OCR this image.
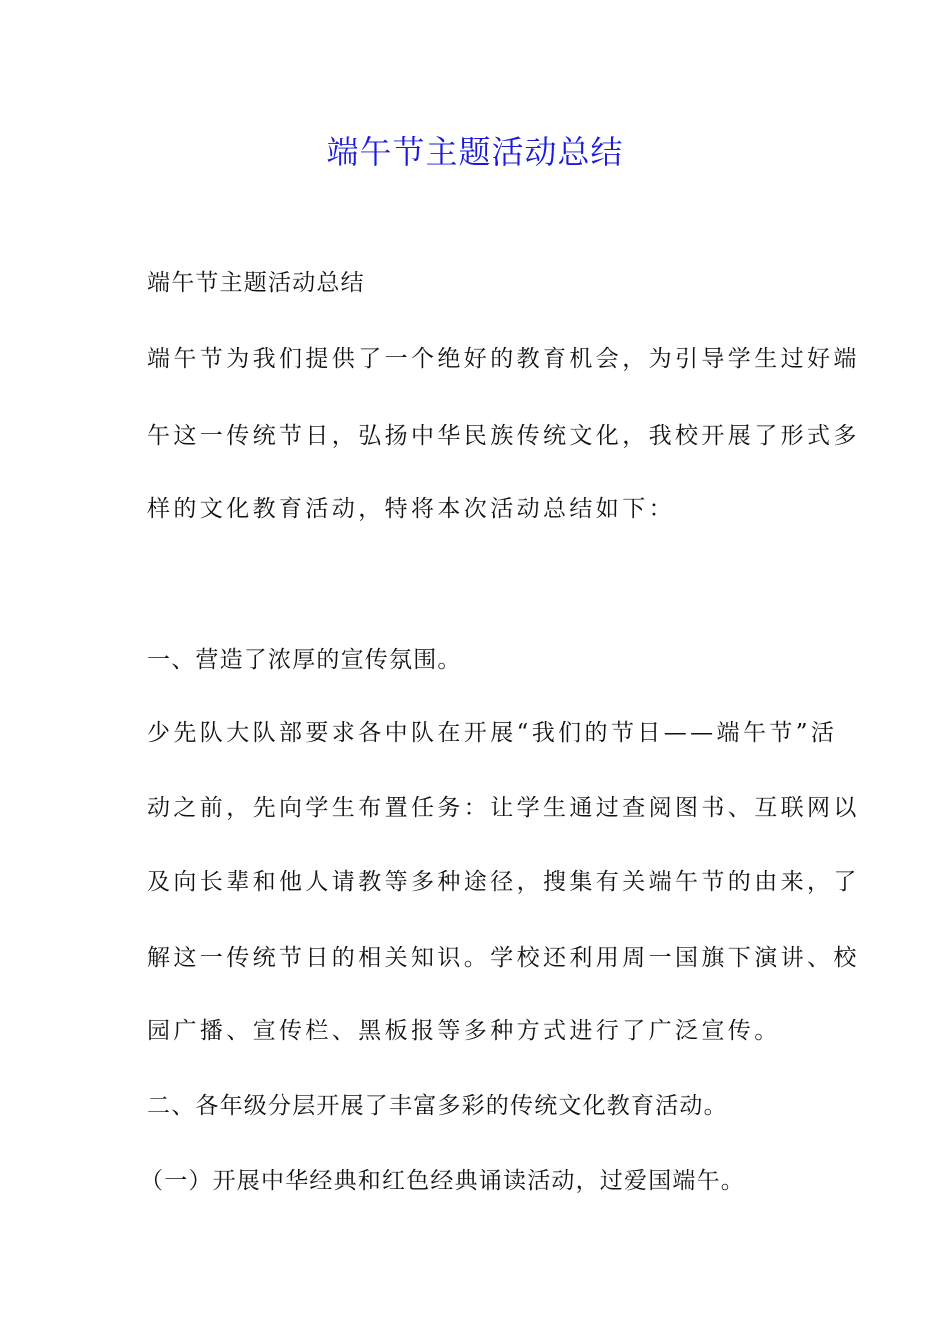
端午节主题活动总结
端午节主题活动总结
端午节为我们提供了一个绝好的教育机会，为引导学生过好端
午这一传统节日，弘扬中华民族传统文化，我校开展了形式多
样的文化教育活动，特将本次活动总结如下：
一、营造了浓厚的宣传氛围。
少先队大队部要求各中队在开展“我们的节日——端午节”活
动之前，先向学生布置任务：让学生通过查阅图书、互联网以
及向长辈和他人请教等多种途径，搜集有关端午节的由来，了
解这一传统节日的相关知识。学校还利用周一国旗下演讲、校
园广播、宣传栏、黑板报等多种方式进行了广泛宣传。
二、各年级分层开展了丰富多彩的传统文化教育活动。
（一）开展中华经典和红色经典诵读活动，过爱国端午。
